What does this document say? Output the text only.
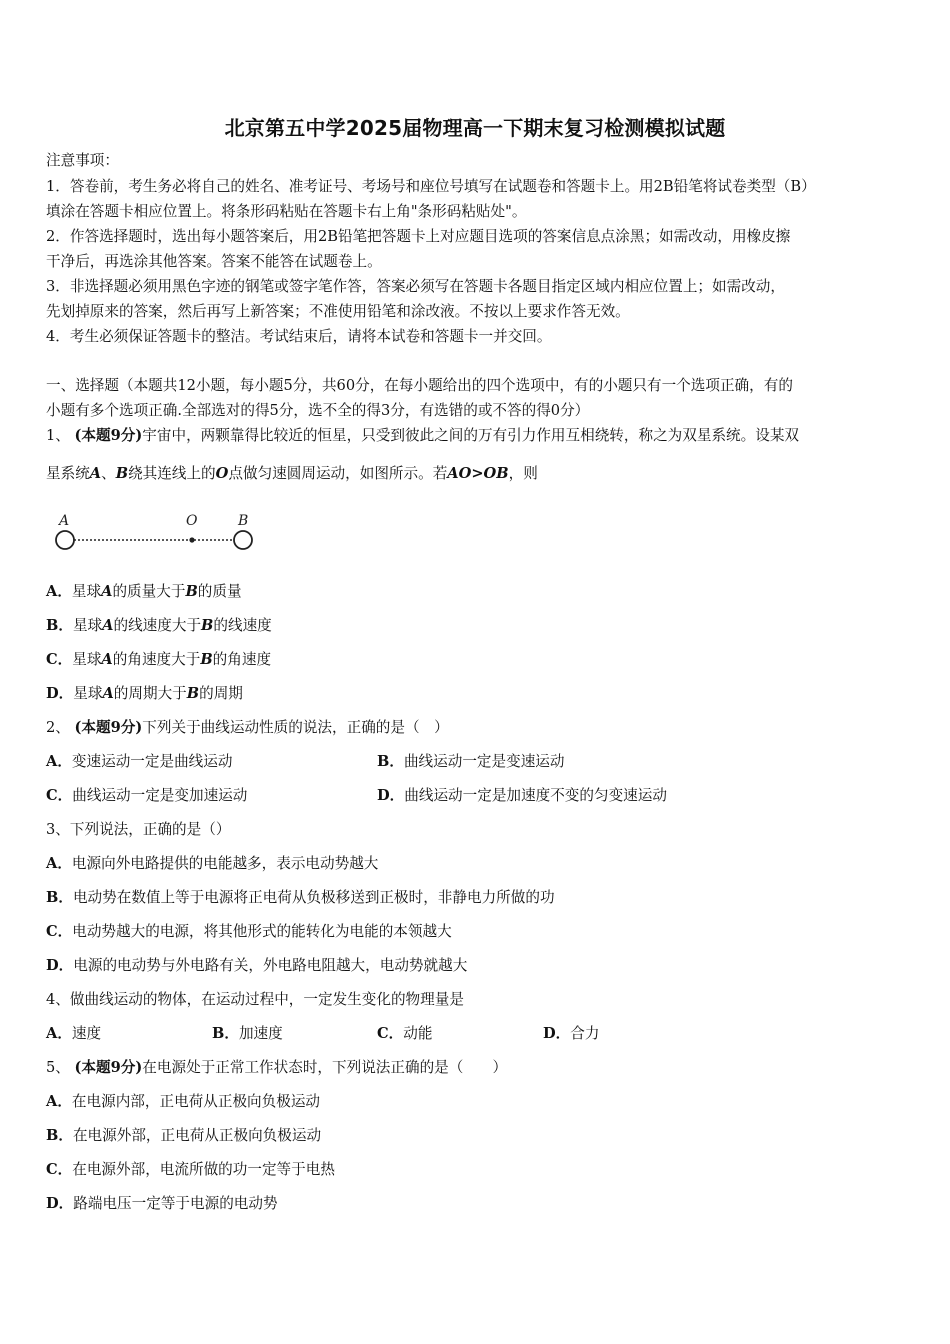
北京第五中学2025届物理高一下期末复习检测模拟试题
注意事项：
1．答卷前，考生务必将自己的姓名、准考证号、考场号和座位号填写在试题卷和答题卡上。用2B铅笔将试卷类型（B）
填涂在答题卡相应位置上。将条形码粘贴在答题卡右上角"条形码粘贴处"。
2．作答选择题时，选出每小题答案后，用2B铅笔把答题卡上对应题目选项的答案信息点涂黑；如需改动，用橡皮擦
干净后，再选涂其他答案。答案不能答在试题卷上。
3．非选择题必须用黑色字迹的钢笔或签字笔作答，答案必须写在答题卡各题目指定区域内相应位置上；如需改动，
先划掉原来的答案，然后再写上新答案；不准使用铅笔和涂改液。不按以上要求作答无效。
4．考生必须保证答题卡的整洁。考试结束后，请将本试卷和答题卡一并交回。
一、选择题（本题共12小题，每小题5分，共60分，在每小题给出的四个选项中，有的小题只有一个选项正确，有的
小题有多个选项正确.全部选对的得5分，选不全的得3分，有选错的或不答的得0分）
1、 (本题9分)宇宙中，两颗靠得比较近的恒星，只受到彼此之间的万有引力作用互相绕转，称之为双星系统。设某双
星系统A、B绕其连线上的O点做匀速圆周运动，如图所示。若AO>OB，则
A	O	B
A．星球A的质量大于B的质量
B．星球A的线速度大于B的线速度
C．星球A的角速度大于B的角速度
D．星球A的周期大于B的周期
2、 (本题9分)下列关于曲线运动性质的说法，正确的是（　）
A．变速运动一定是曲线运动	B．曲线运动一定是变速运动
C．曲线运动一定是变加速运动	D．曲线运动一定是加速度不变的匀变速运动
3、下列说法，正确的是（）
A．电源向外电路提供的电能越多，表示电动势越大
B．电动势在数值上等于电源将正电荷从负极移送到正极时，非静电力所做的功
C．电动势越大的电源，将其他形式的能转化为电能的本领越大
D．电源的电动势与外电路有关，外电路电阻越大，电动势就越大
4、做曲线运动的物体，在运动过程中，一定发生变化的物理量是
A．速度	B．加速度	C．动能	D．合力
5、 (本题9分)在电源处于正常工作状态时，下列说法正确的是（　　）
A．在电源内部，正电荷从正极向负极运动
B．在电源外部，正电荷从正极向负极运动
C．在电源外部，电流所做的功一定等于电热
D．路端电压一定等于电源的电动势
